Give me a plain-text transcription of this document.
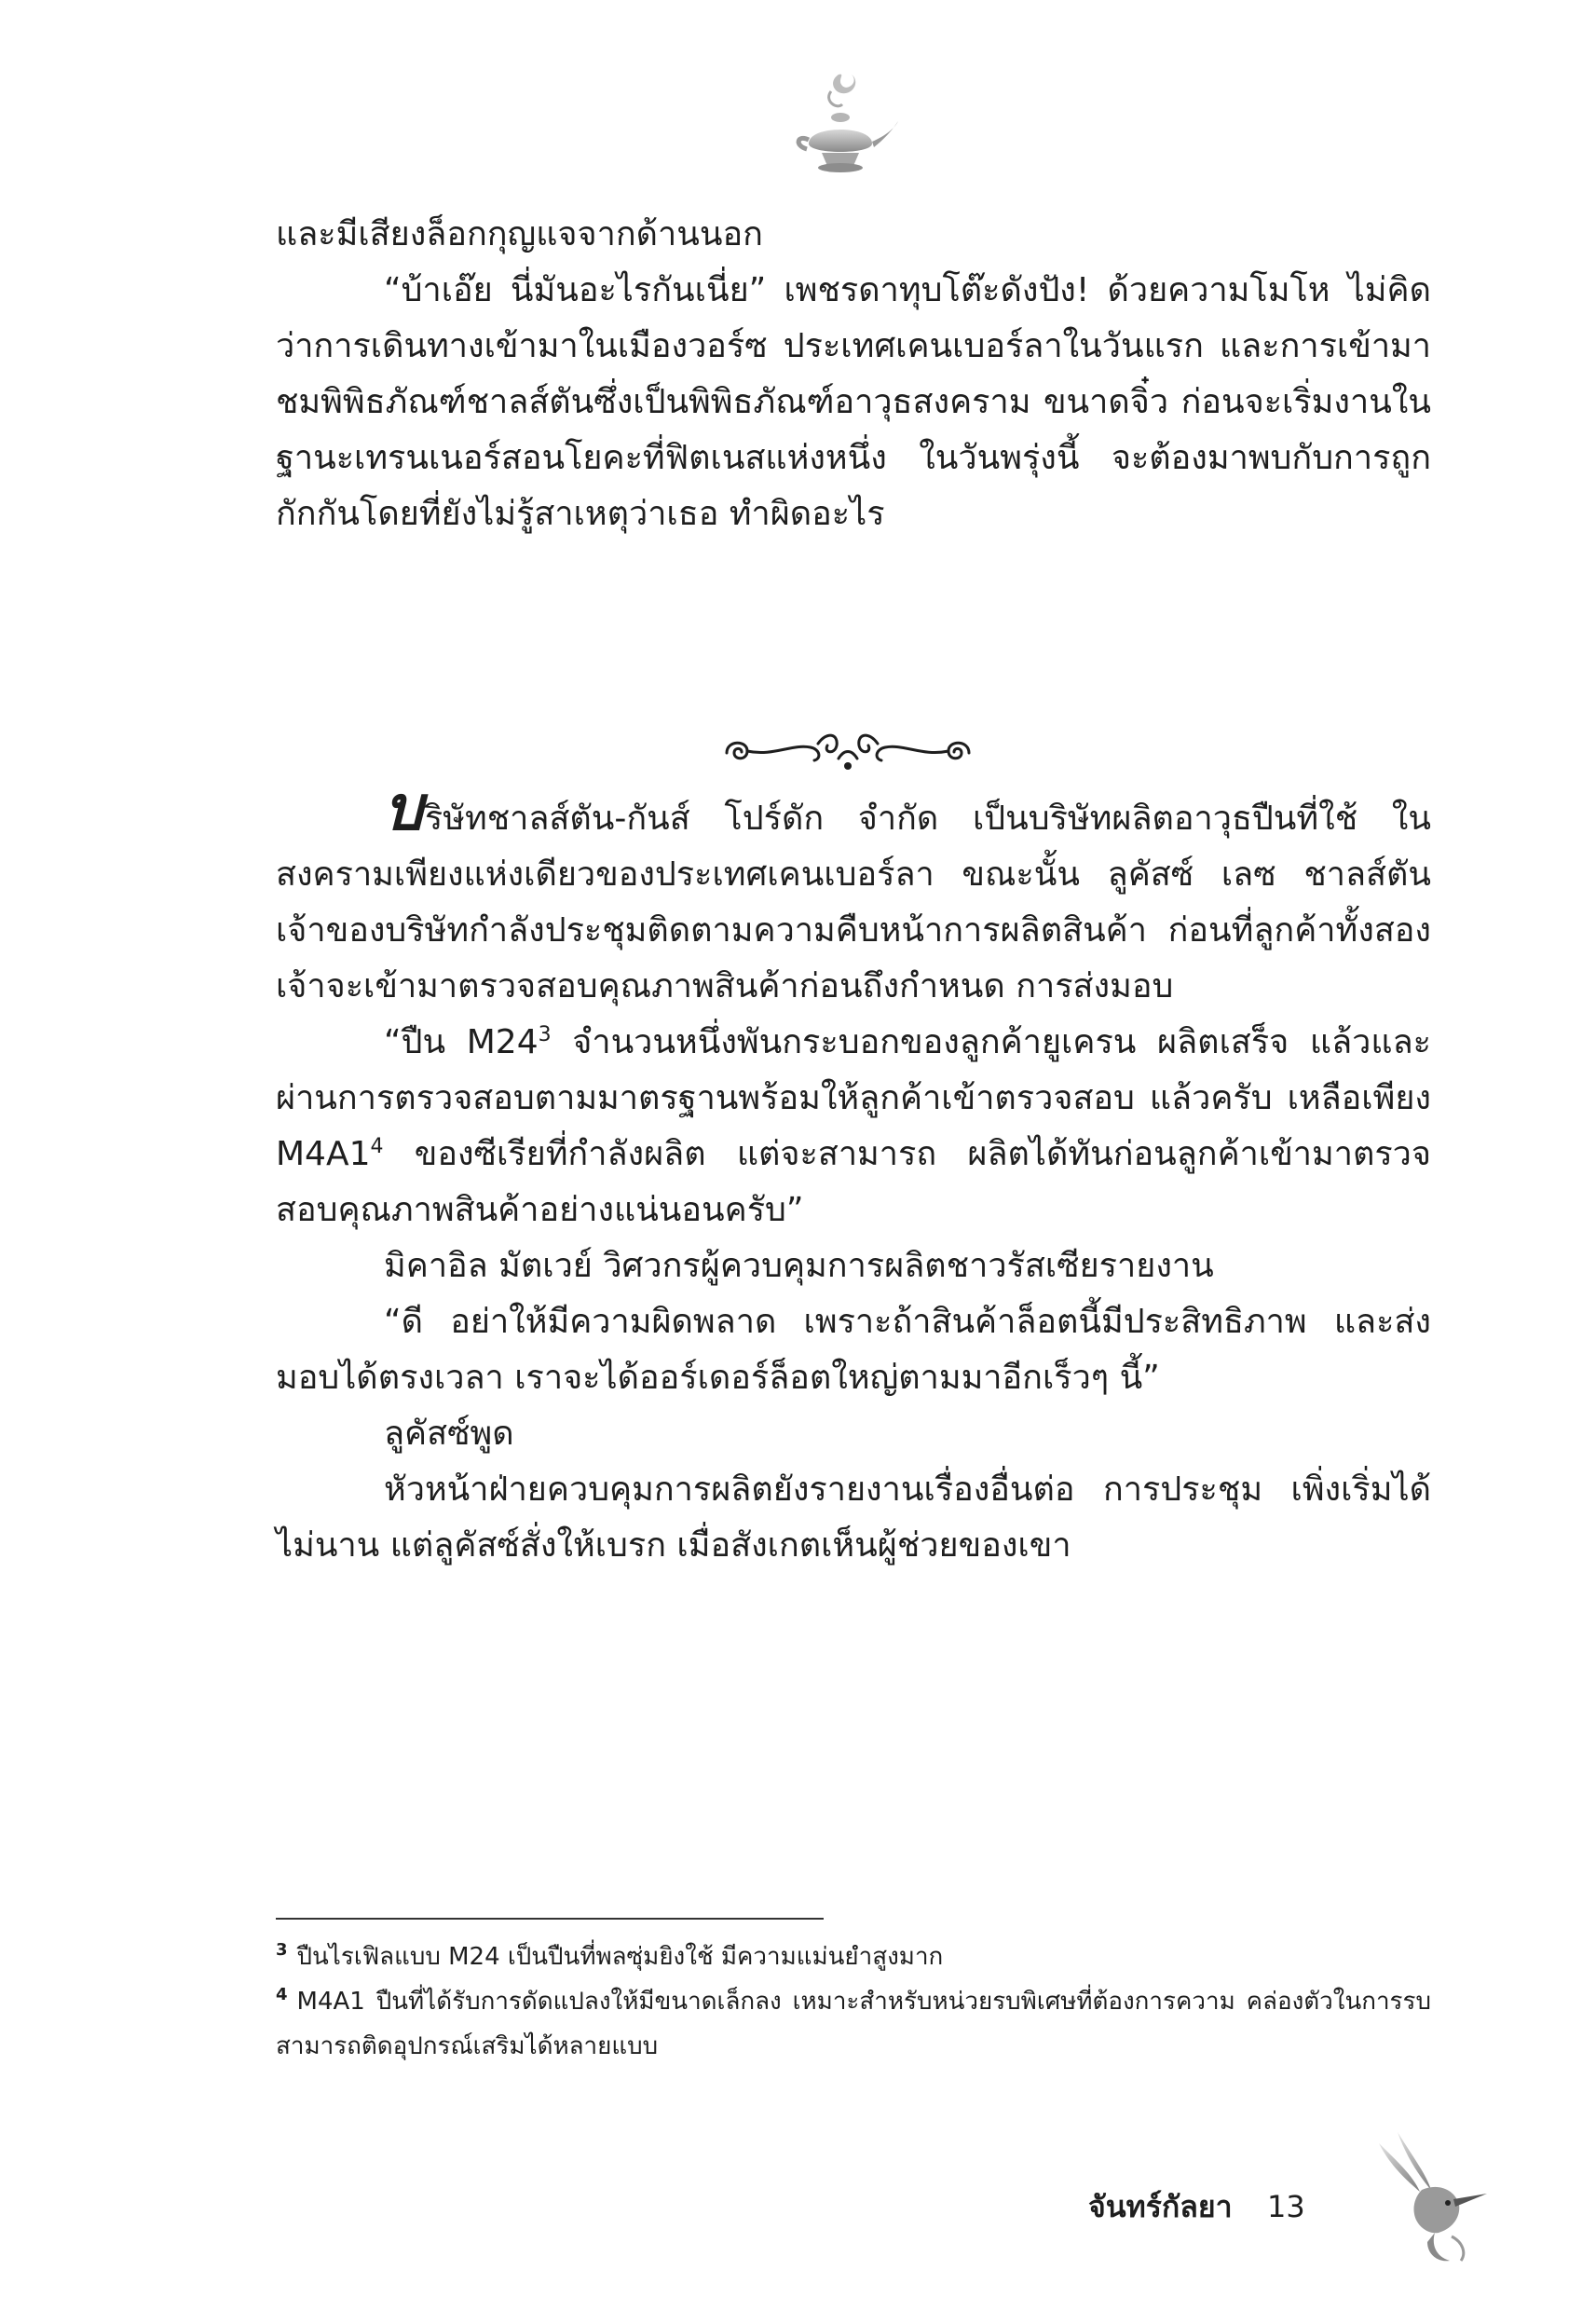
และมีเสียงล็อกกุญแจจากด้านนอก

“บ้าเอ๊ย นี่มันอะไรกันเนี่ย” เพชรดาทุบโต๊ะดังปัง! ด้วยความโมโห ไม่คิดว่าการเดินทางเข้ามาในเมืองวอร์ซ ประเทศเคนเบอร์ลาในวันแรก และการเข้ามาชมพิพิธภัณฑ์ชาลส์ตันซึ่งเป็นพิพิธภัณฑ์อาวุธสงคราม ขนาดจิ๋ว ก่อนจะเริ่มงานในฐานะเทรนเนอร์สอนโยคะที่ฟิตเนสแห่งหนึ่ง ในวันพรุ่งนี้ จะต้องมาพบกับการถูกกักกันโดยที่ยังไม่รู้สาเหตุว่าเธอ ทำผิดอะไร

บริษัทชาลส์ตัน-กันส์ โปร์ดัก จำกัด เป็นบริษัทผลิตอาวุธปืนที่ใช้ ในสงครามเพียงแห่งเดียวของประเทศเคนเบอร์ลา ขณะนั้น ลูคัสซ์ เลซ ชาลส์ตัน เจ้าของบริษัทกำลังประชุมติดตามความคืบหน้าการผลิตสินค้า ก่อนที่ลูกค้าทั้งสองเจ้าจะเข้ามาตรวจสอบคุณภาพสินค้าก่อนถึงกำหนด การส่งมอบ

“ปืน $M24^3$ จำนวนหนึ่งพันกระบอกของลูกค้ายูเครน ผลิตเสร็จ แล้วและผ่านการตรวจสอบตามมาตรฐานพร้อมให้ลูกค้าเข้าตรวจสอบ แล้วครับ เหลือเพียง $M4A1^4$ ของซีเรียที่กำลังผลิต แต่จะสามารถ ผลิตได้ทันก่อนลูกค้าเข้ามาตรวจสอบคุณภาพสินค้าอย่างแน่นอนครับ”

มิคาอิล มัตเวย์ วิศวกรผู้ควบคุมการผลิตชาวรัสเซียรายงาน

“ดี อย่าให้มีความผิดพลาด เพราะถ้าสินค้าล็อตนี้มีประสิทธิภาพ และส่งมอบได้ตรงเวลา เราจะได้ออร์เดอร์ล็อตใหญ่ตามมาอีกเร็วๆ นี้”

ลูคัสซ์พูด

หัวหน้าฝ่ายควบคุมการผลิตยังรายงานเรื่องอื่นต่อ การประชุม เพิ่งเริ่มได้ไม่นาน แต่ลูคัสซ์สั่งให้เบรก เมื่อสังเกตเห็นผู้ช่วยของเขา

$^3$ ปืนไรเฟิลแบบ M24 เป็นปืนที่พลซุ่มยิงใช้ มีความแม่นยำสูงมาก

$^4$ M4A1 ปืนที่ได้รับการดัดแปลงให้มีขนาดเล็กลง เหมาะสำหรับหน่วยรบพิเศษที่ต้องการความ คล่องตัวในการรบ สามารถติดอุปกรณ์เสริมได้หลายแบบ

จันทร์กัลยา 13
